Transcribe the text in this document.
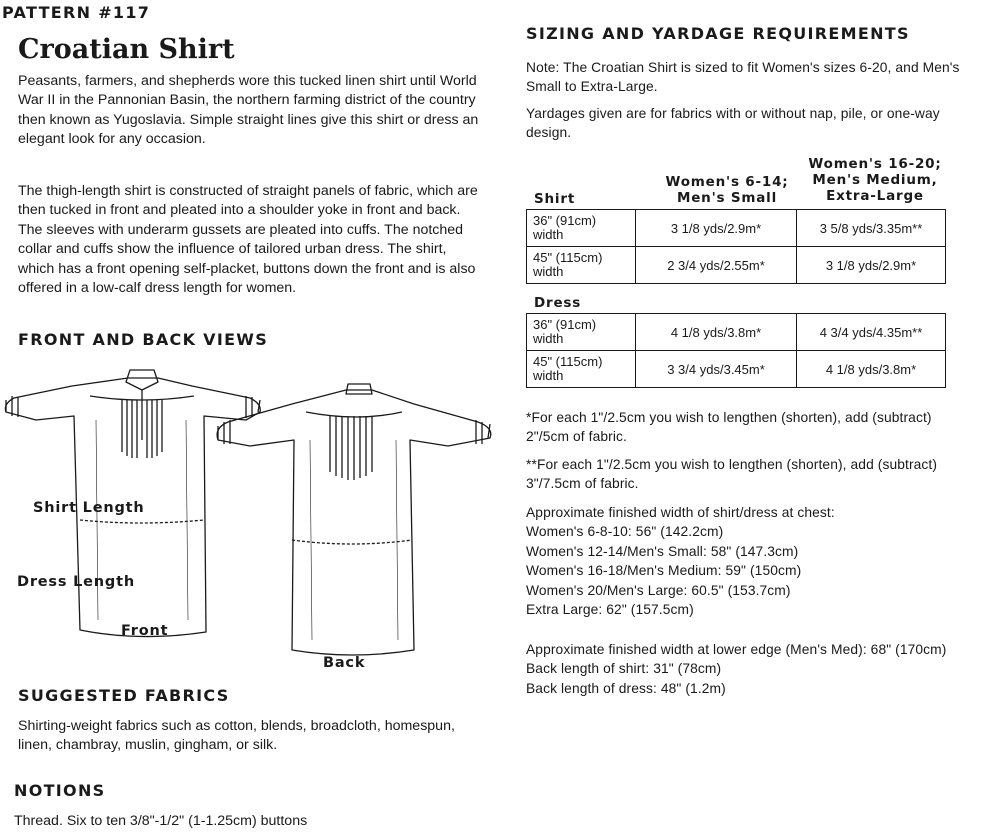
PATTERN #117

Croatian Shirt

Peasants, farmers, and shepherds wore this tucked linen shirt until World War II in the Pannonian Basin, the northern farming district of the country then known as Yugoslavia. Simple straight lines give this shirt or dress an elegant look for any occasion.

The thigh-length shirt is constructed of straight panels of fabric, which are then tucked in front and pleated into a shoulder yoke in front and back. The sleeves with underarm gussets are pleated into cuffs. The notched collar and cuffs show the influence of tailored urban dress. The shirt, which has a front opening self-placket, buttons down the front and is also offered in a low-calf dress length for women.

FRONT AND BACK VIEWS

Shirt Length
Dress Length
Front
Back

SUGGESTED FABRICS

Shirting-weight fabrics such as cotton, blends, broadcloth, homespun, linen, chambray, muslin, gingham, or silk.

NOTIONS

Thread. Six to ten 3/8"-1/2" (1-1.25cm) buttons

SIZING AND YARDAGE REQUIREMENTS

Note: The Croatian Shirt is sized to fit Women's sizes 6-20, and Men's Small to Extra-Large.

Yardages given are for fabrics with or without nap, pile, or one-way design.

Women's 6-14; Men's Small
Women's 16-20; Men's Medium, Extra-Large
Shirt
36" (91cm) width	3 1/8 yds/2.9m*	3 5/8 yds/3.35m**
45" (115cm) width	2 3/4 yds/2.55m*	3 1/8 yds/2.9m*
Dress
36" (91cm) width	4 1/8 yds/3.8m*	4 3/4 yds/4.35m**
45" (115cm) width	3 3/4 yds/3.45m*	4 1/8 yds/3.8m*

*For each 1"/2.5cm you wish to lengthen (shorten), add (subtract) 2"/5cm of fabric.

**For each 1"/2.5cm you wish to lengthen (shorten), add (subtract) 3"/7.5cm of fabric.

Approximate finished width of shirt/dress at chest:

Women's 6-8-10: 56" (142.2cm)

Women's 12-14/Men's Small: 58" (147.3cm)

Women's 16-18/Men's Medium: 59" (150cm)

Women's 20/Men's Large: 60.5" (153.7cm)

Extra Large: 62" (157.5cm)

Approximate finished width at lower edge (Men's Med): 68" (170cm)

Back length of shirt: 31" (78cm)

Back length of dress: 48" (1.2m)
